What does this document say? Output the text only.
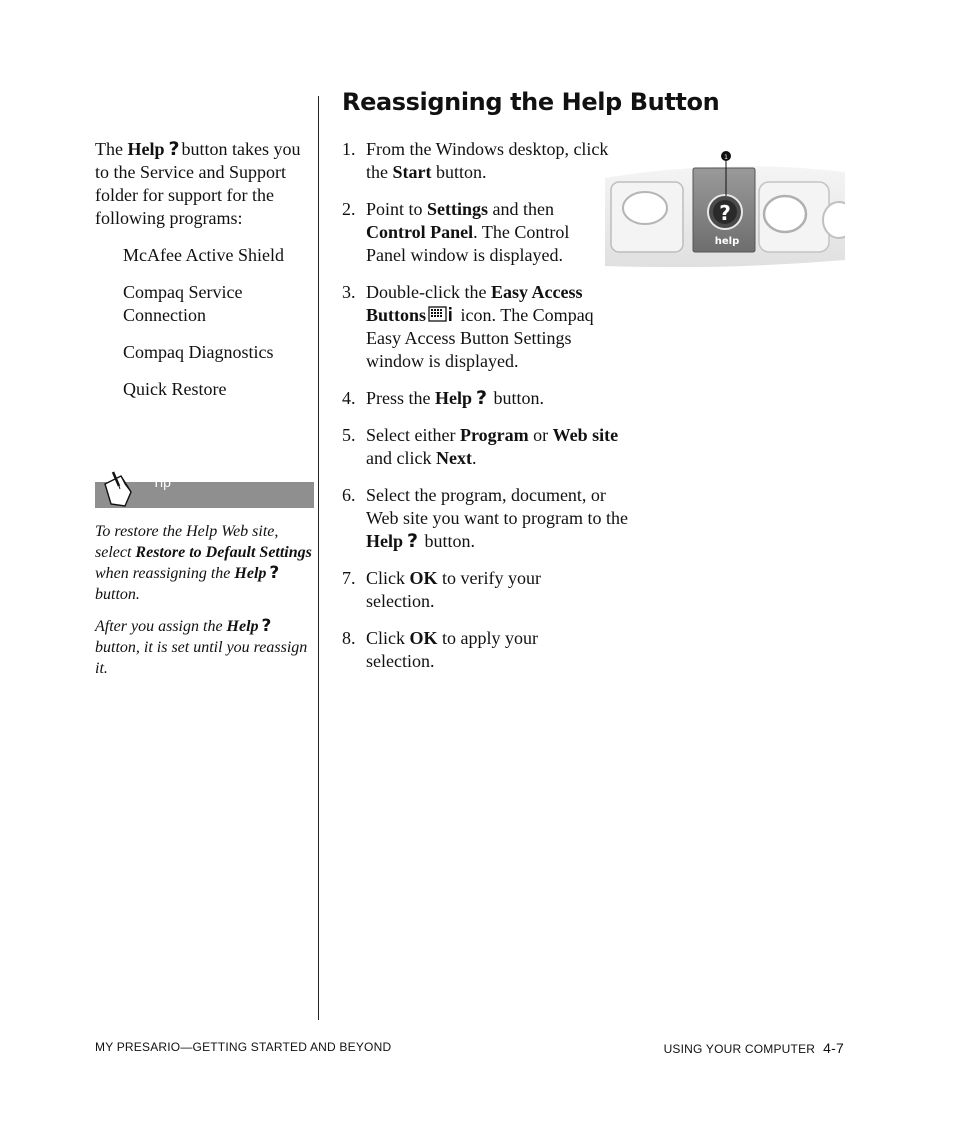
Reassigning the Help Button

The Help ? button takes you to the Service and Support folder for support for the following programs:

McAfee Active Shield
Compaq Service Connection
Compaq Diagnostics
Quick Restore
Tip

To restore the Help Web site, select Restore to Default Settings when reassigning the Help ? button.

After you assign the Help ?
button, it is set until you reassign it.

1. From the Windows desktop, click the Start button.
2. Point to Settings and then Control Panel. The Control Panel window is displayed.
3. Double-click the Easy Access Buttons icon. The Compaq Easy Access Button Settings window is displayed.
4. Press the Help ? button.
5. Select either Program or Web site and click Next.
6. Select the program, document, or Web site you want to program to the Help ? button.
7. Click OK to verify your selection.
8. Click OK to apply your selection.
?
help
1
MY PRESARIO—GETTING STARTED AND BEYOND	USING YOUR COMPUTER 4-7
